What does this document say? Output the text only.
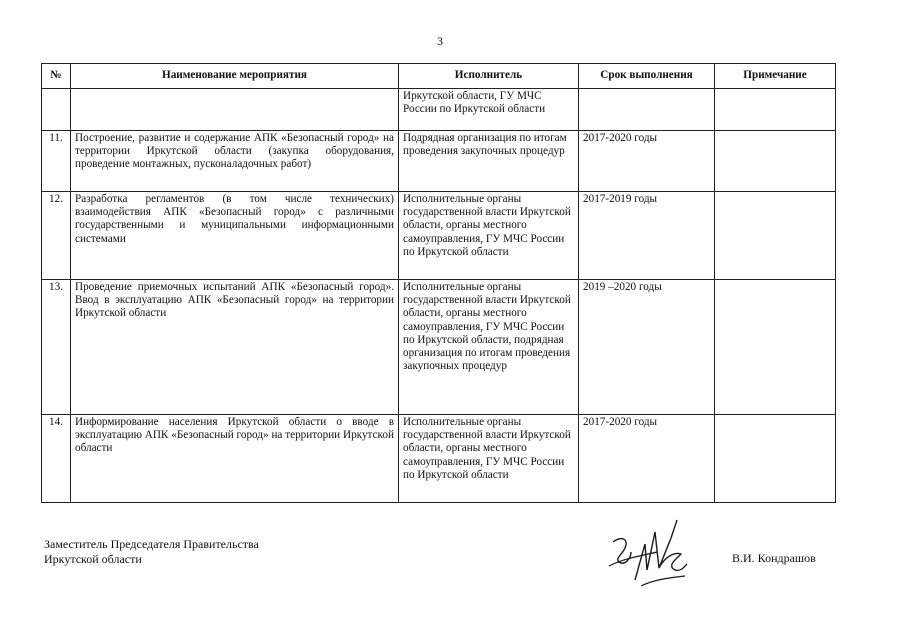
3
№	Наименование мероприятия	Исполнитель	Срок выполнения	Примечание
		Иркутской области, ГУ МЧС России по Иркутской области		
11.	Построение, развитие и содержание АПК «Безопасный город» на территории Иркутской области (закупка оборудования, проведение монтажных, пусконаладочных работ)	Подрядная организация по итогам проведения закупочных процедур	2017-2020 годы	
12.	Разработка регламентов (в том числе технических) взаимодействия АПК «Безопасный город» с различными государственными и муниципальными информационными системами	Исполнительные органы государственной власти Иркутской области, органы местного самоуправления, ГУ МЧС России по Иркутской области	2017-2019 годы	
13.	Проведение приемочных испытаний АПК «Безопасный город». Ввод в эксплуатацию АПК «Безопасный город» на территории Иркутской области	Исполнительные органы государственной власти Иркутской области, органы местного самоуправления, ГУ МЧС России по Иркутской области, подрядная организация по итогам проведения закупочных процедур	2019 –2020 годы	
14.	Информирование населения Иркутской области о вводе в эксплуатацию АПК «Безопасный город» на территории Иркутской области	Исполнительные органы государственной власти Иркутской области, органы местного самоуправления, ГУ МЧС России по Иркутской области	2017-2020 годы	
Заместитель Председателя Правительства
Иркутской области	В.И. Кондрашов
